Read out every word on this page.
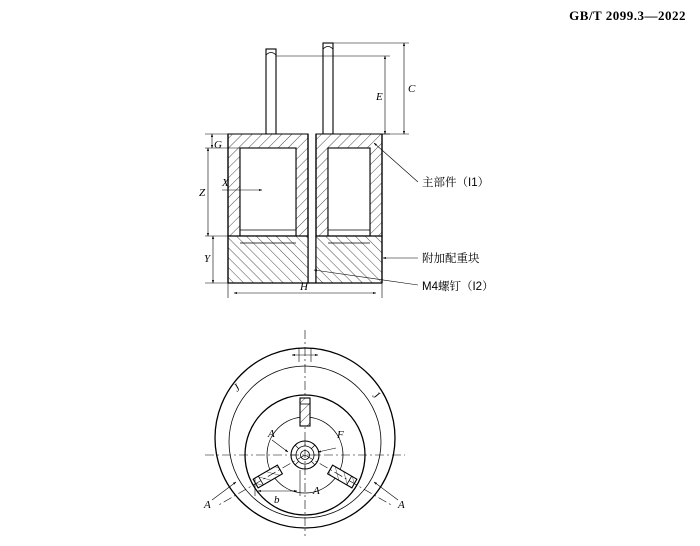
GB/T 2099.3—2022
C
E
G
Z
X
Y
H
主部件（I1）
附加配重块
M4螺钉（I2）
J
J
F
A
A
A	A
b
